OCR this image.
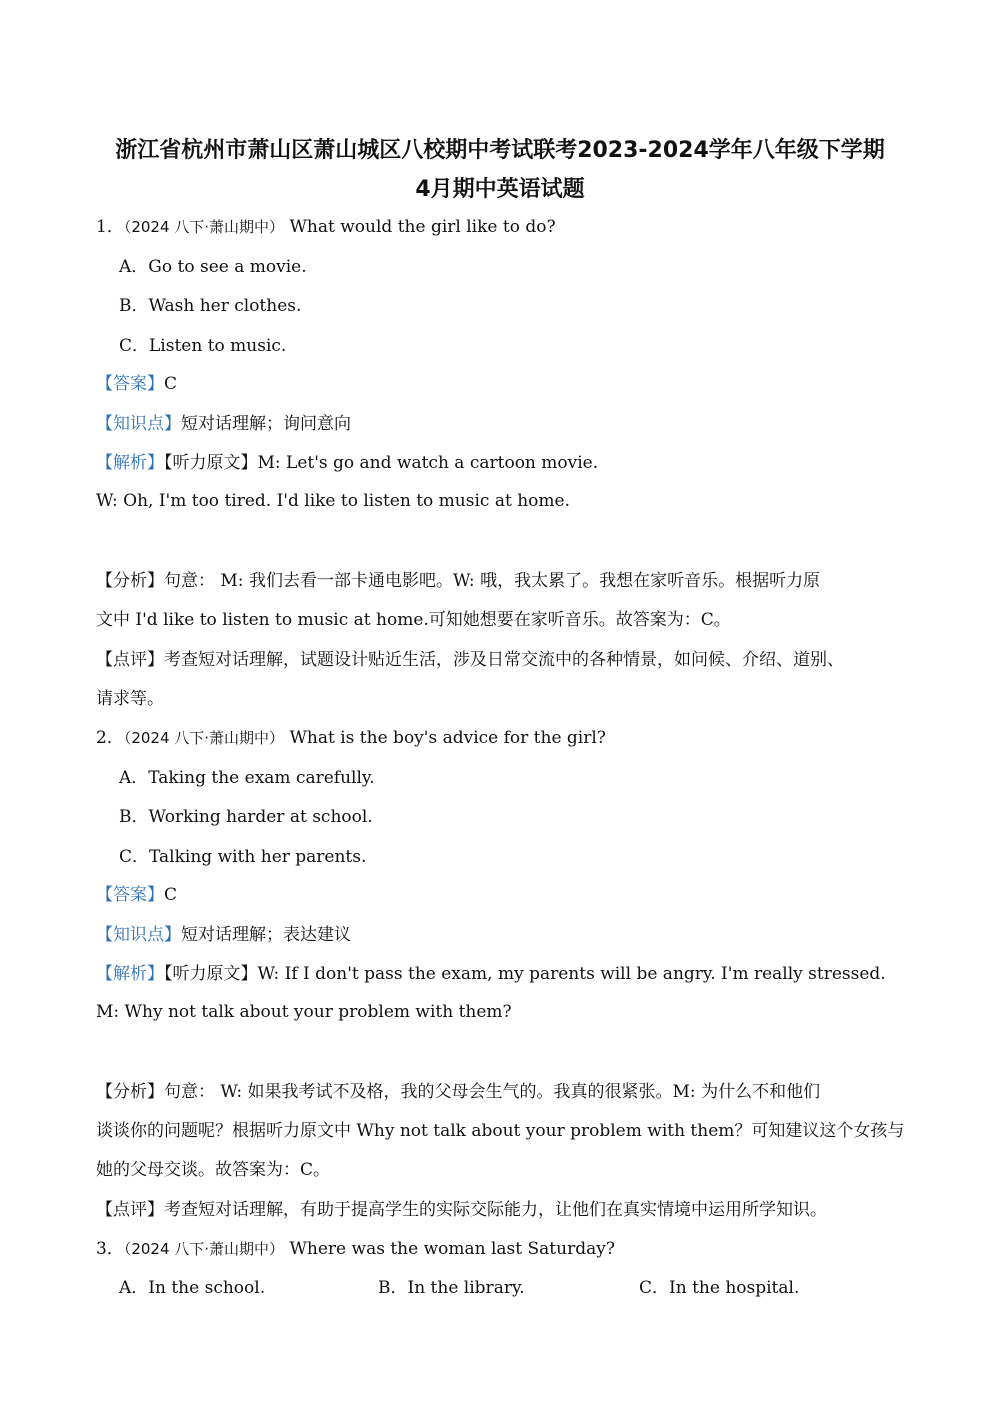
浙江省杭州市萧山区萧山城区八校期中考试联考2023-2024学年八年级下学期
4月期中英语试题
1．（2024 八下·萧山期中） What would the girl like to do?
A．Go to see a movie.
B．Wash her clothes.
C．Listen to music.
【答案】C
【知识点】短对话理解；询问意向
【解析】【听力原文】M: Let's go and watch a cartoon movie.
W: Oh, I'm too tired. I'd like to listen to music at home.
【分析】句意： M: 我们去看一部卡通电影吧。W: 哦，我太累了。我想在家听音乐。根据听力原
文中 I'd like to listen to music at home.可知她想要在家听音乐。故答案为：C。
【点评】考查短对话理解，试题设计贴近生活，涉及日常交流中的各种情景，如问候、介绍、道别、
请求等。
2．（2024 八下·萧山期中） What is the boy's advice for the girl?
A．Taking the exam carefully.
B．Working harder at school.
C．Talking with her parents.
【答案】C
【知识点】短对话理解；表达建议
【解析】【听力原文】W: If I don't pass the exam, my parents will be angry. I'm really stressed.
M: Why not talk about your problem with them?
【分析】句意： W: 如果我考试不及格，我的父母会生气的。我真的很紧张。M: 为什么不和他们
谈谈你的问题呢？根据听力原文中 Why not talk about your problem with them？可知建议这个女孩与
她的父母交谈。故答案为：C。
【点评】考查短对话理解，有助于提高学生的实际交际能力，让他们在真实情境中运用所学知识。
3．（2024 八下·萧山期中） Where was the woman last Saturday?
A．In the school.	B．In the library.	C．In the hospital.
